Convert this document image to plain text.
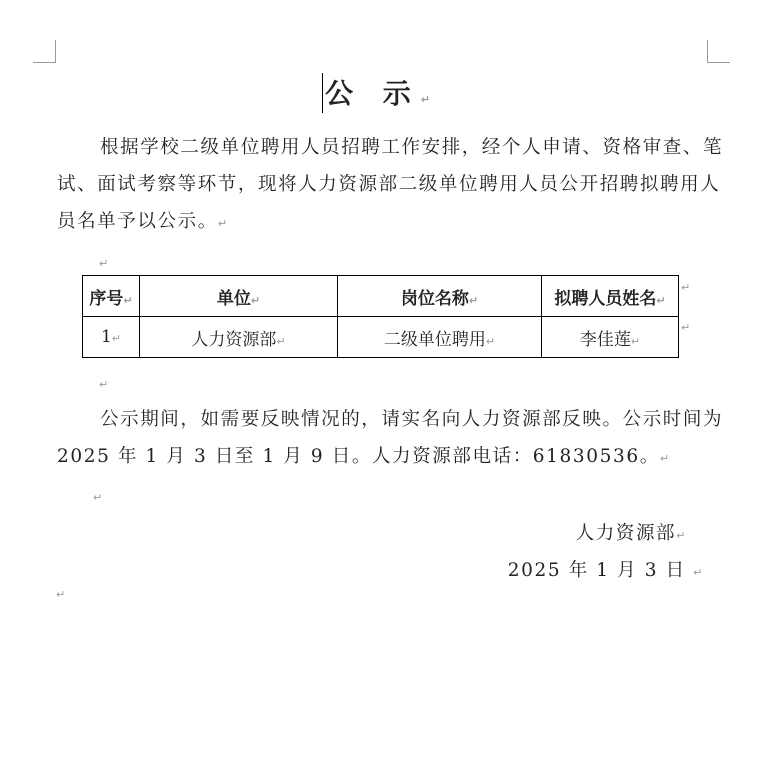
公 示↵

根据学校二级单位聘用人员招聘工作安排，经个人申请、资格审查、笔试、面试考察等环节，现将人力资源部二级单位聘用人员公开招聘拟聘用人员名单予以公示。↵

↵
序号↵	单位↵	岗位名称↵	拟聘人员姓名↵
1↵	人力资源部↵	二级单位聘用↵	李佳莲↵
↵
↵
↵

公示期间，如需要反映情况的，请实名向人力资源部反映。公示时间为 2025 年 1 月 3 日至 1 月 9 日。人力资源部电话：61830536。↵

↵
人力资源部↵
2025 年 1 月 3 日 ↵
↵
